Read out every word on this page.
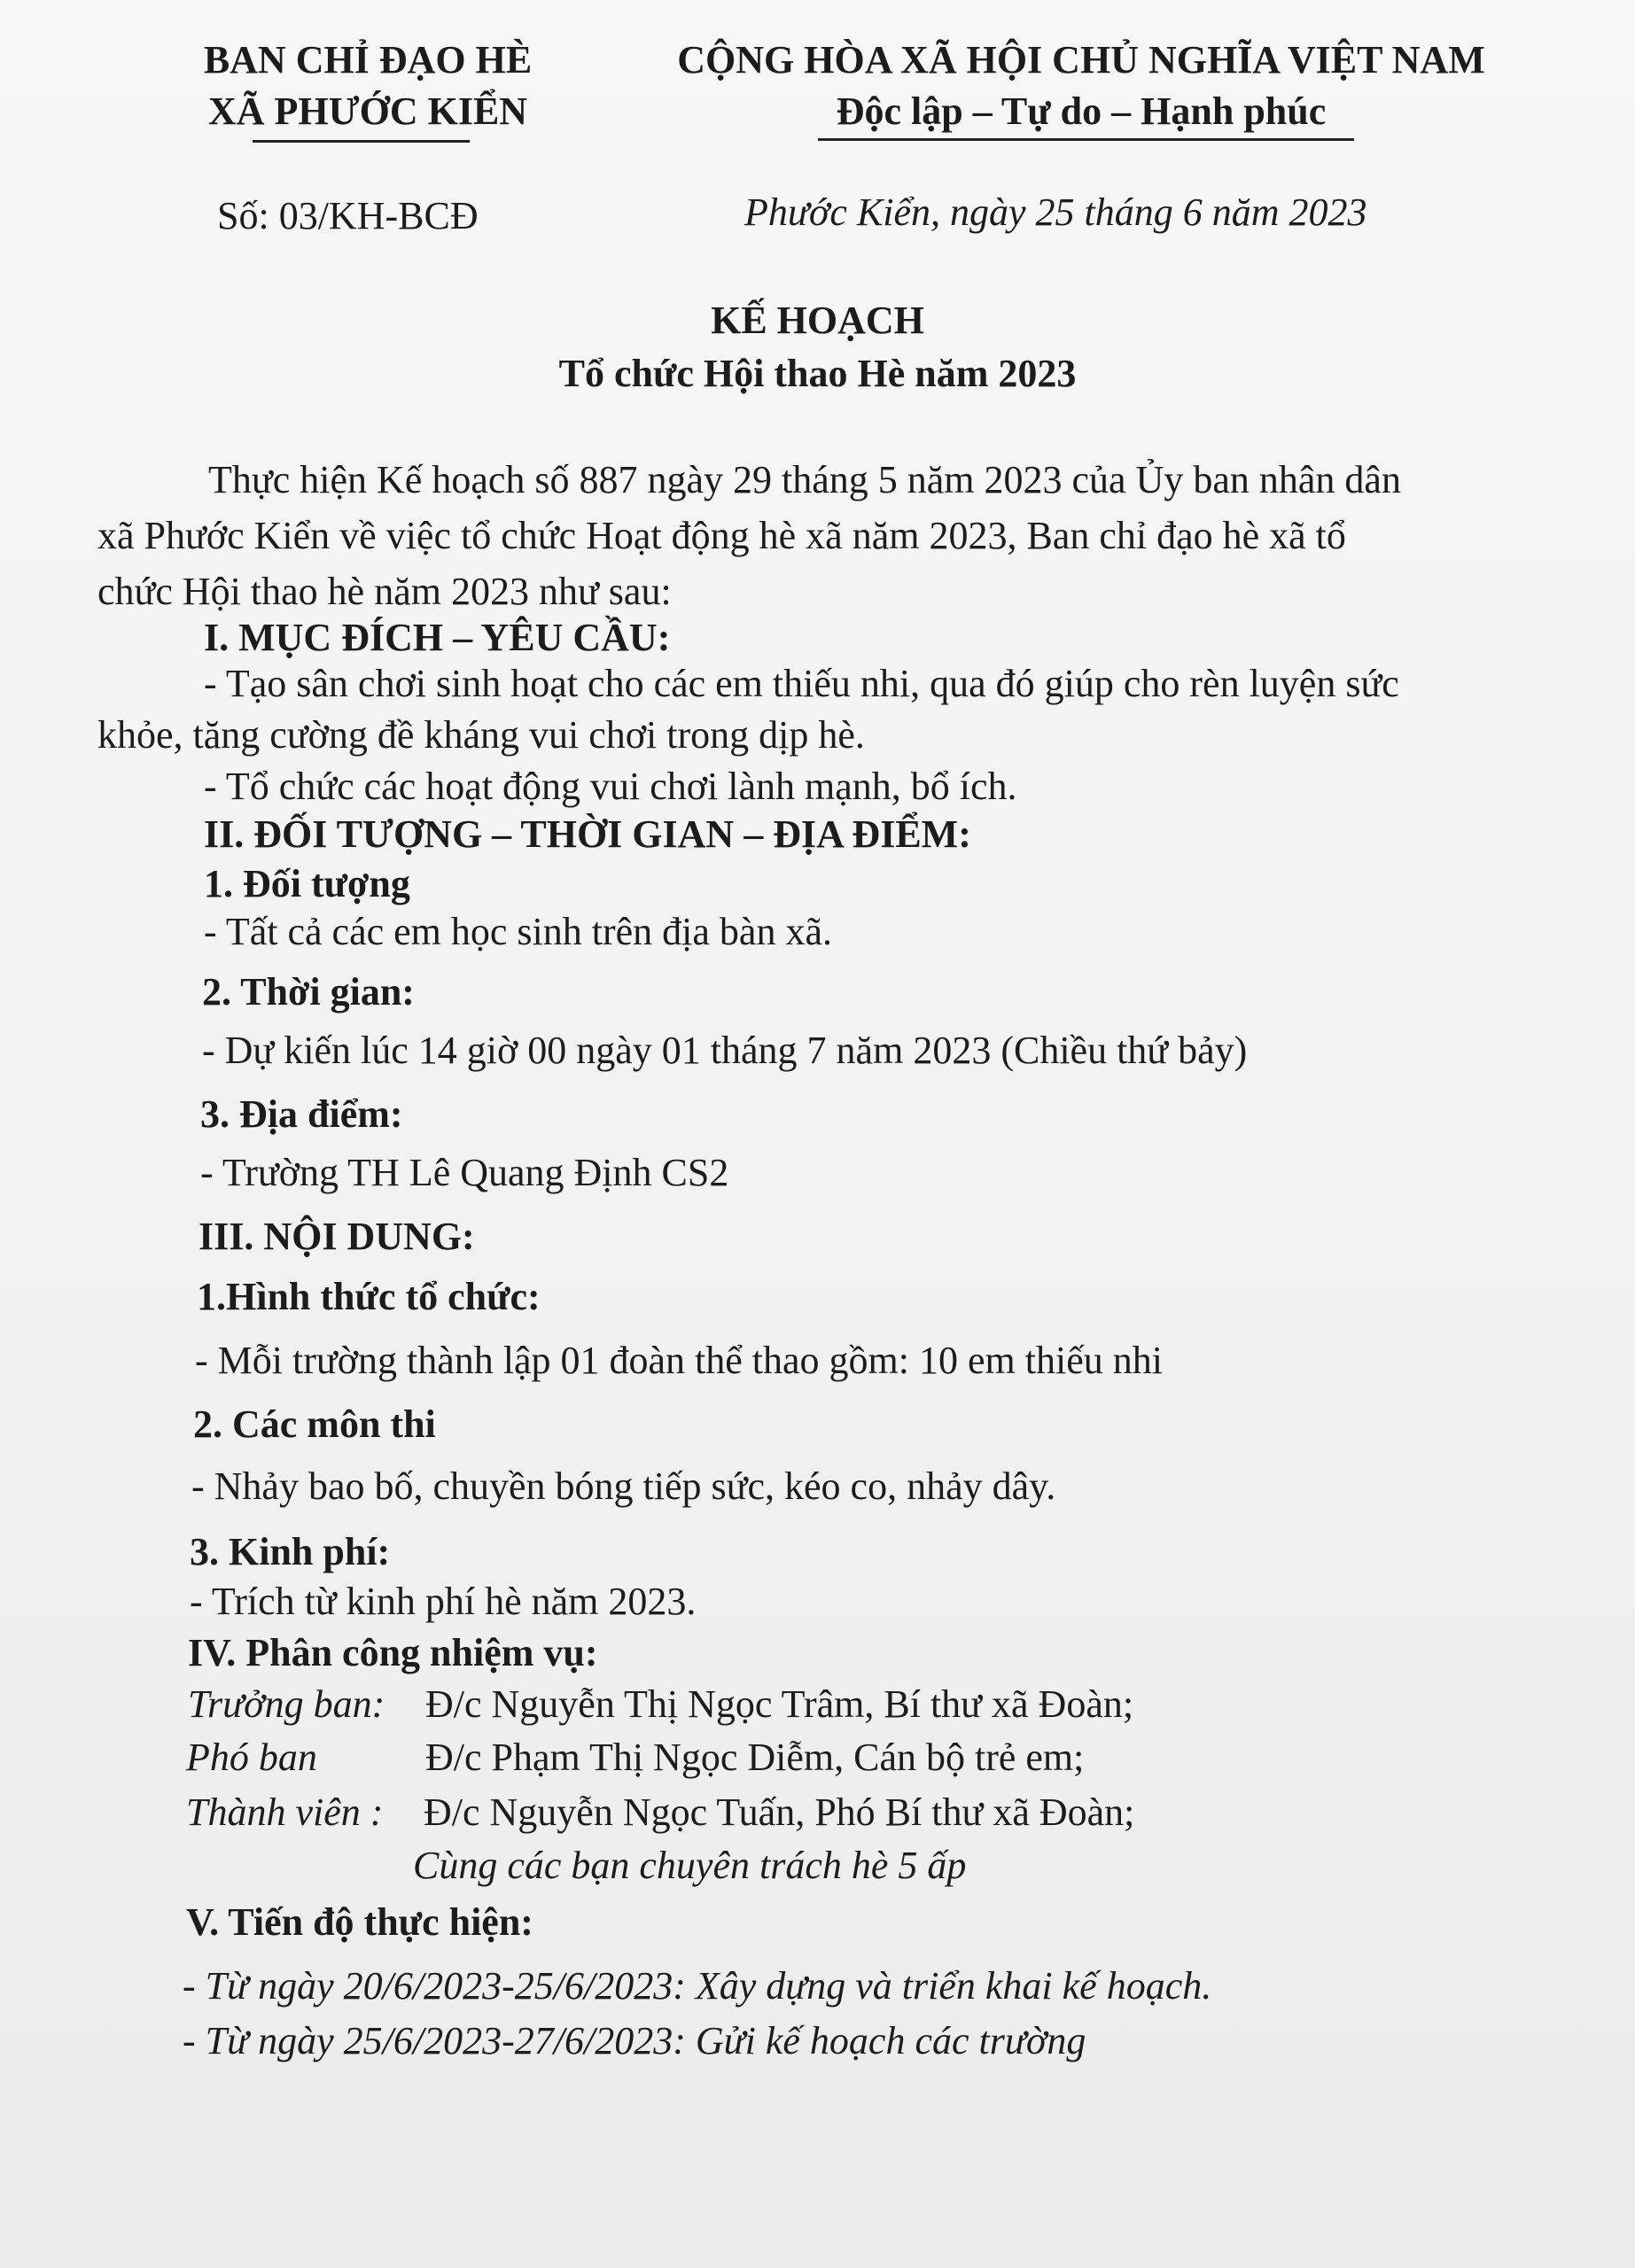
BAN CHỈ ĐẠO HÈ
XÃ PHƯỚC KIỂN
CỘNG HÒA XÃ HỘI CHỦ NGHĨA VIỆT NAM
Độc lập – Tự do – Hạnh phúc
Số: 03/KH-BCĐ	Phước Kiển, ngày 25 tháng 6 năm 2023
KẾ HOẠCH
Tổ chức Hội thao Hè năm 2023
Thực hiện Kế hoạch số 887 ngày 29 tháng 5 năm 2023 của Ủy ban nhân dân
xã Phước Kiển về việc tổ chức Hoạt động hè xã năm 2023, Ban chỉ đạo hè xã tổ
chức Hội thao hè năm 2023 như sau:
I. MỤC ĐÍCH – YÊU CẦU:
- Tạo sân chơi sinh hoạt cho các em thiếu nhi, qua đó giúp cho rèn luyện sức
khỏe, tăng cường đề kháng vui chơi trong dịp hè.
- Tổ chức các hoạt động vui chơi lành mạnh, bổ ích.
II. ĐỐI TƯỢNG – THỜI GIAN – ĐỊA ĐIỂM:
1. Đối tượng
- Tất cả các em học sinh trên địa bàn xã.
2. Thời gian:
- Dự kiến lúc 14 giờ 00 ngày 01 tháng 7 năm 2023 (Chiều thứ bảy)
3. Địa điểm:
- Trường TH Lê Quang Định CS2
III. NỘI DUNG:
1.Hình thức tổ chức:
- Mỗi trường thành lập 01 đoàn thể thao gồm: 10 em thiếu nhi
2. Các môn thi
- Nhảy bao bố, chuyền bóng tiếp sức, kéo co, nhảy dây.
3. Kinh phí:
- Trích từ kinh phí hè năm 2023.
IV. Phân công nhiệm vụ:
Trưởng ban: Đ/c Nguyễn Thị Ngọc Trâm, Bí thư xã Đoàn;
Phó ban	Đ/c Phạm Thị Ngọc Diễm, Cán bộ trẻ em;
Thành viên : Đ/c Nguyễn Ngọc Tuấn, Phó Bí thư xã Đoàn;
Cùng các bạn chuyên trách hè 5 ấp
V. Tiến độ thực hiện:
- Từ ngày 20/6/2023-25/6/2023: Xây dựng và triển khai kế hoạch.
- Từ ngày 25/6/2023-27/6/2023: Gửi kế hoạch các trường
